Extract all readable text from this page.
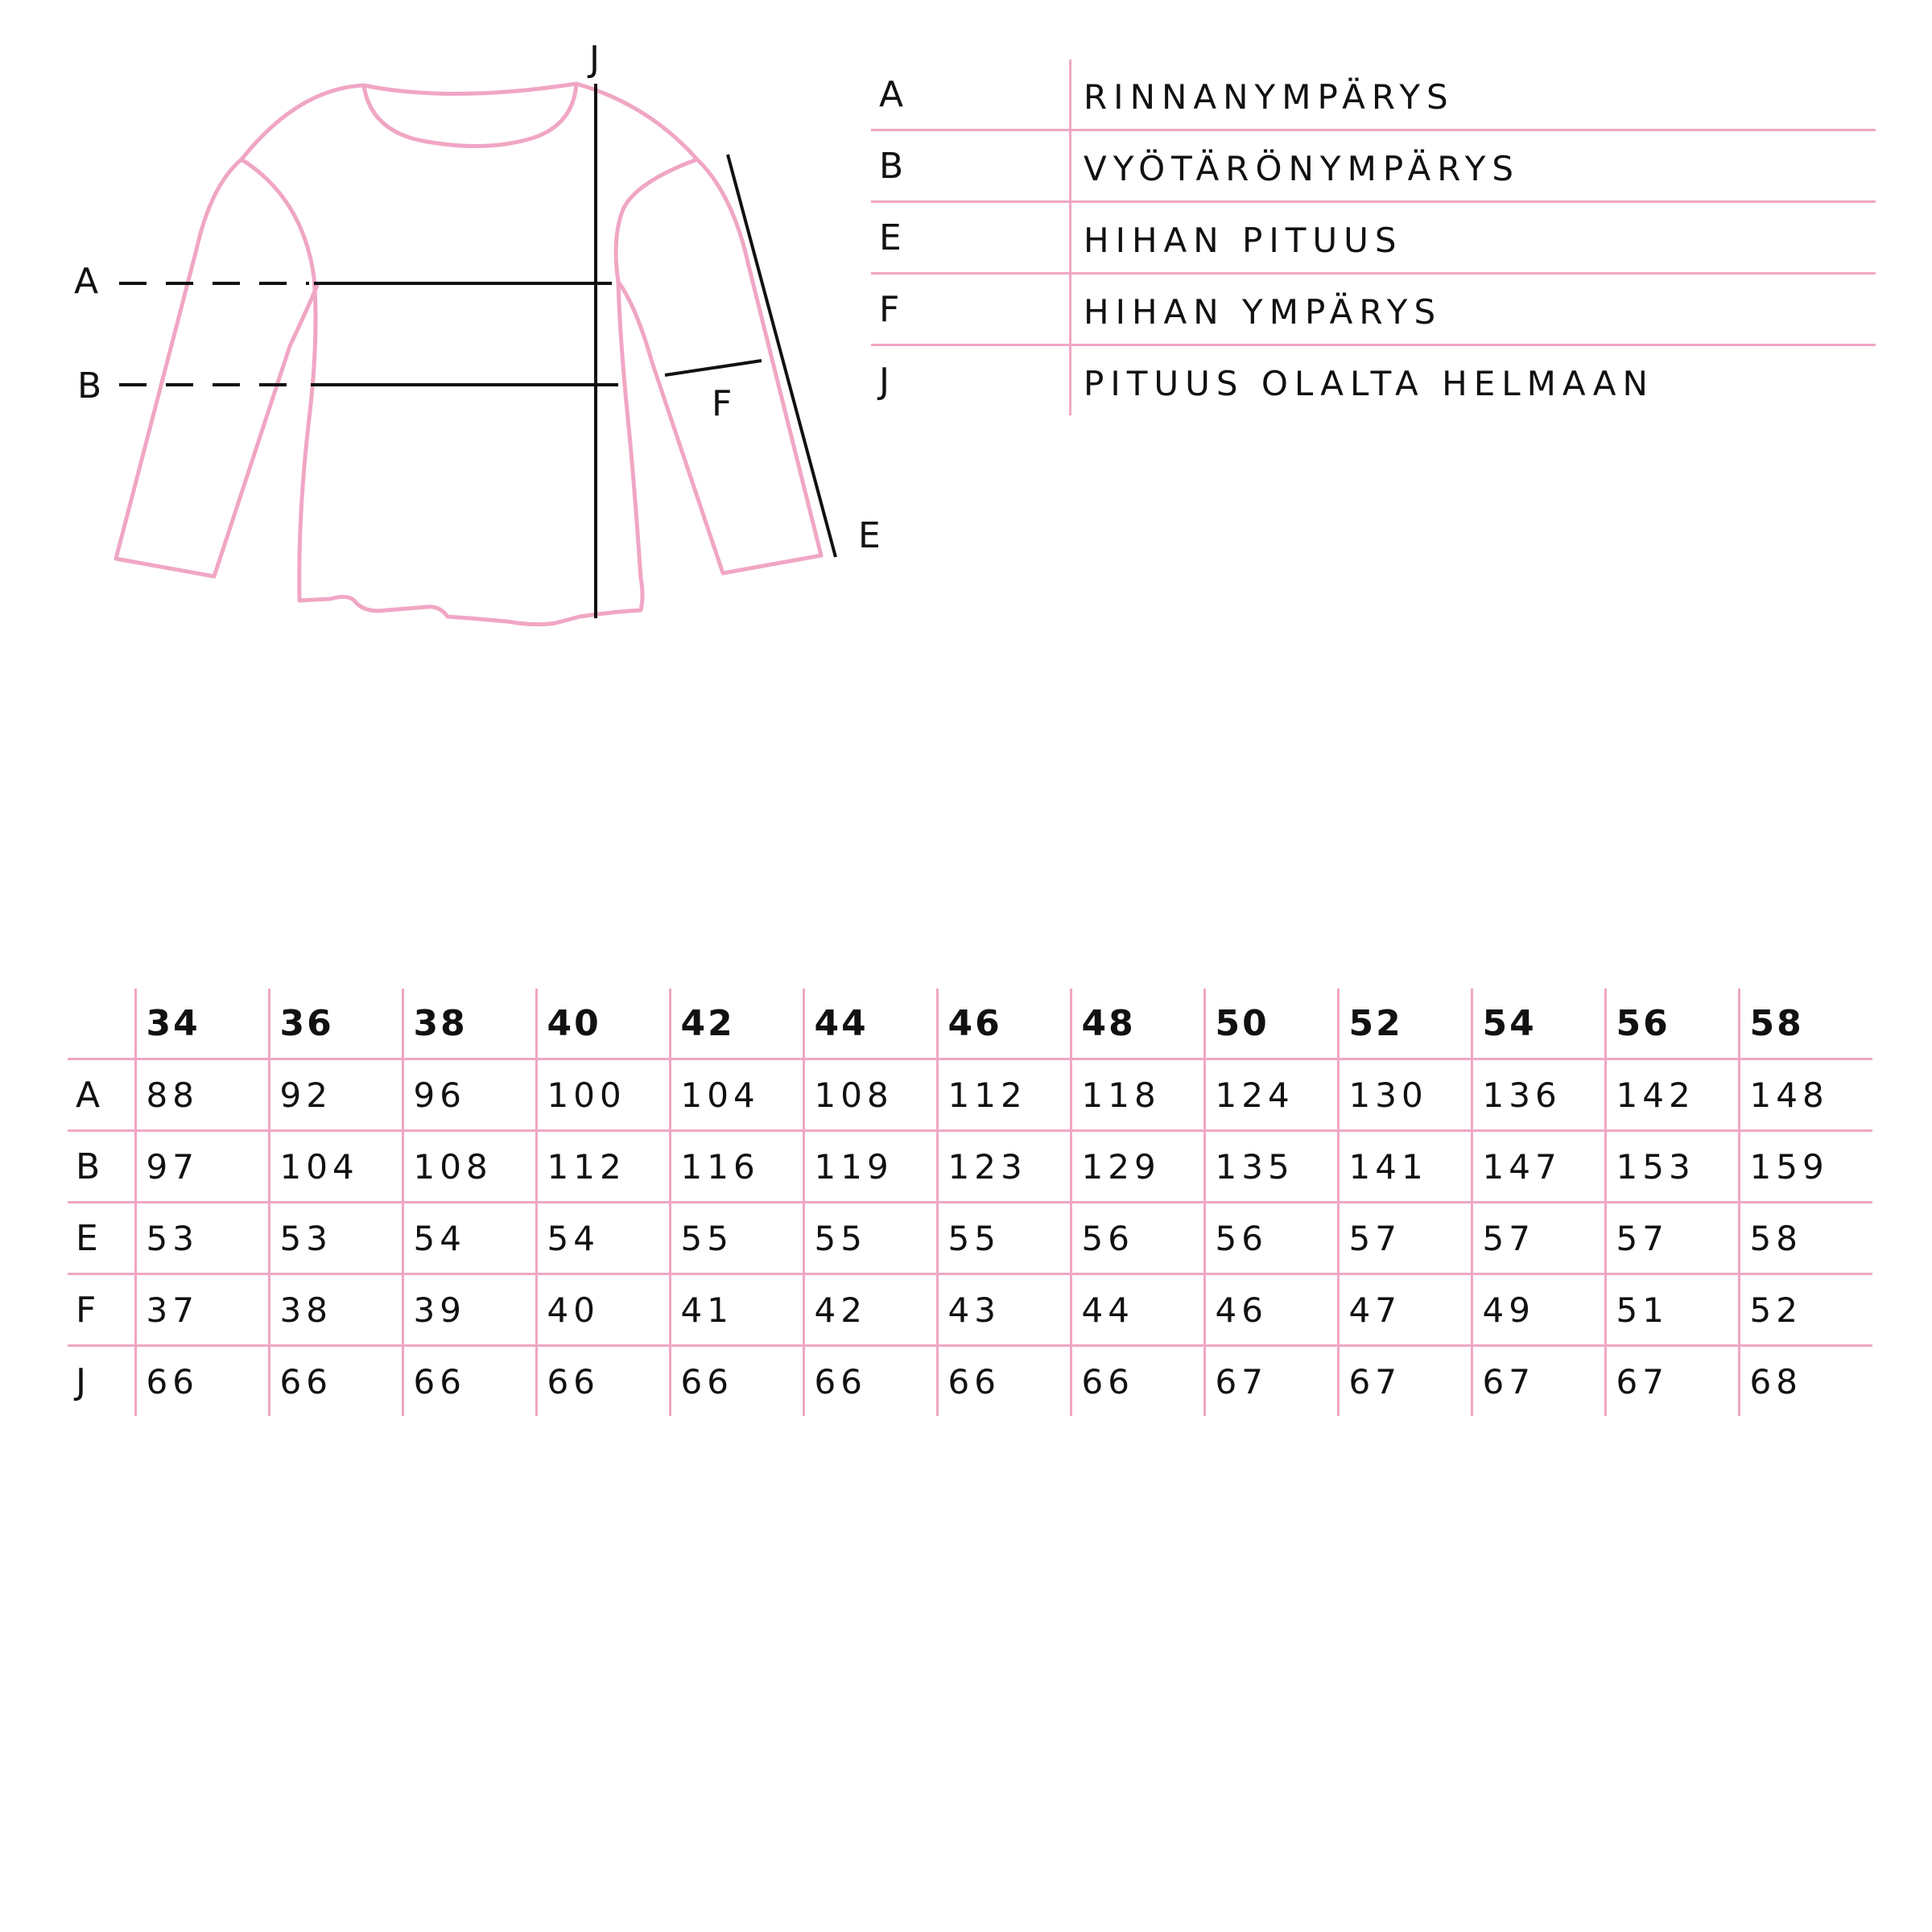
J
A
B	F
E
A	RINNANYMPÄRYS
B	VYÖTÄRÖNYMPÄRYS
E	HIHAN PITUUS
F	HIHAN YMPÄRYS
J	PITUUS OLALTA HELMAAN
	34	36	38	40	42	44	46	48	50	52	54	56	58
A	88	92	96	100	104	108	112	118	124	130	136	142	148
B	97	104	108	112	116	119	123	129	135	141	147	153	159
E	53	53	54	54	55	55	55	56	56	57	57	57	58
F	37	38	39	40	41	42	43	44	46	47	49	51	52
J	66	66	66	66	66	66	66	66	67	67	67	67	68
